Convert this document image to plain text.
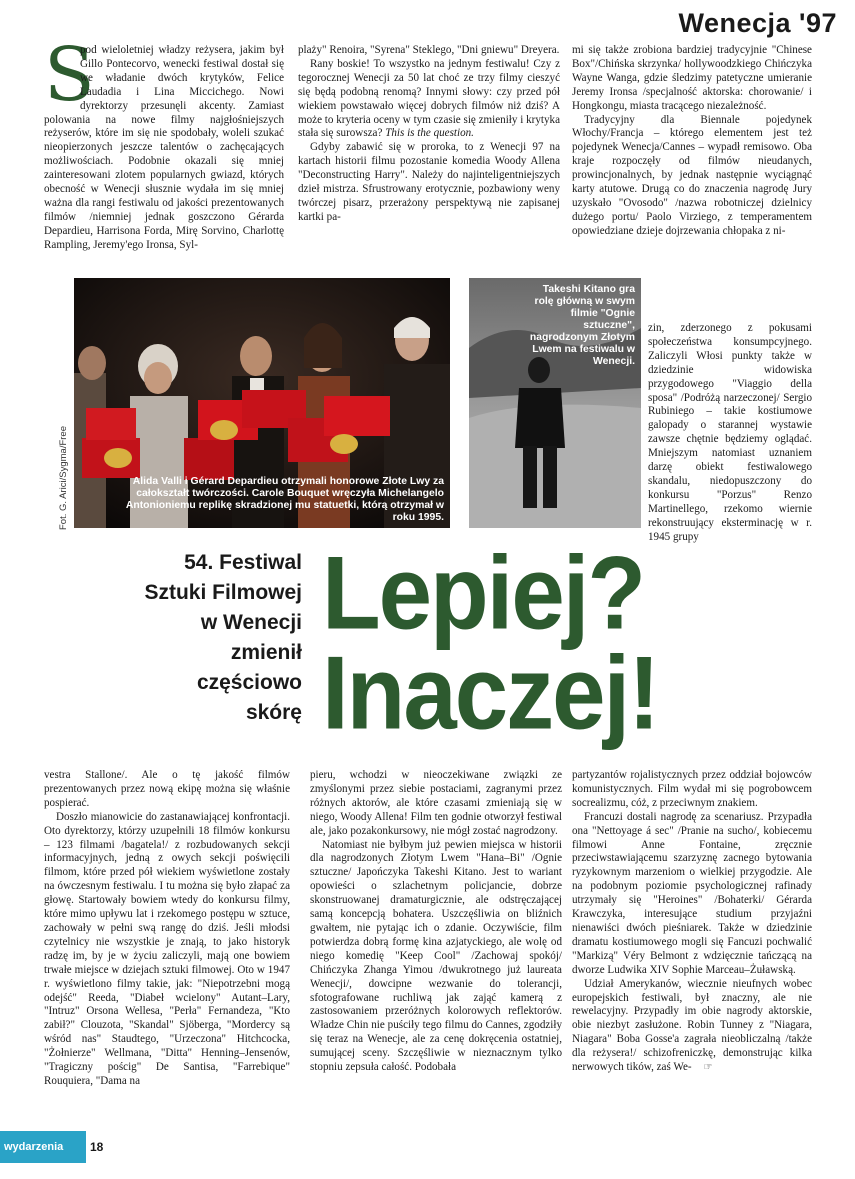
Wenecja '97
S

pod wieloletniej władzy reżysera, jakim był Gillo Pontecorvo, wenecki festiwal dostał się we władanie dwóch krytyków, Felice Laudadia i Lina Miccichego. Nowi dyrektorzy przesunęli akcenty. Zamiast polowania na nowe filmy najgłośniejszych reżyserów, które im się nie spodobały, woleli szukać nieopierzonych jeszcze talentów o zachęcających możliwościach. Podobnie okazali się mniej zainteresowani zlotem popularnych gwiazd, których obecność w Wenecji słusznie wydała im się mniej ważna dla rangi festiwalu od jakości prezentowanych filmów /niemniej jednak goszczono Gérarda Depardieu, Harrisona Forda, Mirę Sorvino, Charlottę Rampling, Jeremy'ego Ironsa, Syl-

plaży" Renoira, "Syrena" Steklego, "Dni gniewu" Dreyera.

Rany boskie! To wszystko na jednym festiwalu! Czy z tegorocznej Wenecji za 50 lat choć ze trzy filmy cieszyć się będą podobną renomą? Innymi słowy: czy przed pół wiekiem powstawało więcej dobrych filmów niż dziś? A może to kryteria oceny w tym czasie się zmieniły i krytyka stała się surowsza? This is the question.

Gdyby zabawić się w proroka, to z Wenecji 97 na kartach historii filmu pozostanie komedia Woody Allena "Deconstructing Harry". Należy do najinteligentniejszych dzieł mistrza. Sfrustrowany erotycznie, pozbawiony weny twórczej pisarz, przerażony perspektywą nie zapisanej kartki pa-

mi się także zrobiona bardziej tradycyjnie "Chinese Box"/Chińska skrzynka/ hollywoodzkiego Chińczyka Wayne Wanga, gdzie śledzimy patetyczne umieranie Jeremy Ironsa /specjalność aktorska: chorowanie/ i Hongkongu, miasta tracącego niezależność.

Tradycyjny dla Biennale pojedynek Włochy/Francja – którego elementem jest też pojedynek Wenecja/Cannes – wypadł remisowo. Oba kraje rozpoczęły od filmów nieudanych, prowincjonalnych, by jednak następnie wyciągnąć karty atutowe. Drugą co do znaczenia nagrodę Jury uzyskało "Ovosodo" /nazwa robotniczej dzielnicy dużego portu/ Paolo Virziego, z temperamentem opowiedziane dzieje dojrzewania chłopaka z ni-

Alida Valli i Gérard Depardieu otrzymali honorowe Złote Lwy za całokształt twórczości. Carole Bouquet wręczyła Michelangelo Antonioniemu replikę skradzionej mu statuetki, którą otrzymał w roku 1995.
Fot. G. Arici/Sygma/Free
Takeshi Kitano gra rolę główną w swym filmie "Ognie sztuczne", nagrodzonym Złotym Lwem na festiwalu w Wenecji.

zin, zderzonego z pokusami społeczeństwa konsumpcyjnego. Zaliczyli Włosi punkty także w dziedzinie widowiska przygodowego "Viaggio della sposa" /Podróżą narzeczonej/ Sergio Rubiniego – takie kostiumowe galopady o starannej wystawie zawsze chętnie będziemy oglądać. Mniejszym natomiast uznaniem darzę obiekt festiwalowego skandalu, niedopuszczony do konkursu "Porzus" Renzo Martinellego, rzekomo wiernie rekonstruujący eksterminację w r. 1945 grupy

54. Festiwal Sztuki Filmowej w Wenecji zmienił częściowo skórę
Lepiej?
Inaczej!

vestra Stallone/. Ale o tę jakość filmów prezentowanych przez nową ekipę można się właśnie pospierać.

Doszło mianowicie do zastanawiającej konfrontacji. Oto dyrektorzy, którzy uzupełnili 18 filmów konkursu – 123 filmami /bagatela!/ z rozbudowanych sekcji informacyjnych, jedną z owych sekcji poświęcili filmom, które przed pół wiekiem wyświetlone zostały na ówczesnym festiwalu. I tu można się było złapać za głowę. Startowały bowiem wtedy do konkursu filmy, które mimo upływu lat i rzekomego postępu w sztuce, zachowały w pełni swą rangę do dziś. Jeśli młodsi czytelnicy nie wszystkie je znają, to jako historyk radzę im, by je w życiu zaliczyli, mają one bowiem trwałe miejsce w dziejach sztuki filmowej. Oto w 1947 r. wyświetlono filmy takie, jak: "Niepotrzebni mogą odejść" Reeda, "Diabeł wcielony" Autant–Lary, "Intruz" Orsona Wellesa, "Perła" Fernandeza, "Kto zabił?" Clouzota, "Skandal" Sjöberga, "Mordercy są wśród nas" Staudtego, "Urzeczona" Hitchcocka, "Żołnierze" Wellmana, "Ditta" Henning–Jensenów, "Tragiczny pościg" De Santisa, "Farrebique" Rouquiera, "Dama na

pieru, wchodzi w nieoczekiwane związki ze zmyślonymi przez siebie postaciami, zagranymi przez różnych aktorów, ale które czasami zmieniają się w niego, Woody Allena! Film ten godnie otworzył festiwal ale, jako pozakonkursowy, nie mógł zostać nagrodzony.

Natomiast nie byłbym już pewien miejsca w historii dla nagrodzonych Złotym Lwem "Hana–Bi" /Ognie sztuczne/ Japończyka Takeshi Kitano. Jest to wariant opowieści o szlachetnym policjancie, dobrze skonstruowanej dramaturgicznie, ale odstręczającej samą koncepcją bohatera. Uszczęśliwia on bliźnich gwałtem, nie pytając ich o zdanie. Oczywiście, film potwierdza dobrą formę kina azjatyckiego, ale wolę od niego komedię "Keep Cool" /Zachowaj spokój/ Chińczyka Zhanga Yimou /dwukrotnego już laureata Wenecji/, dowcipne wezwanie do tolerancji, sfotografowane ruchliwą jak zająć kamerą z zastosowaniem przeróżnych kolorowych reflektorów. Władze Chin nie puściły tego filmu do Cannes, zgodziły się teraz na Wenecje, ale za cenę dokręcenia ostatniej, sumującej sceny. Szczęśliwie w nieznacznym tylko stopniu zepsuła całość. Podobała

partyzantów rojalistycznych przez oddział bojowców komunistycznych. Film wydał mi się pogrobowcem socrealizmu, cóż, z przeciwnym znakiem.

Francuzi dostali nagrodę za scenariusz. Przypadła ona "Nettoyage á sec" /Pranie na sucho/, kobiecemu filmowi Anne Fontaine, zręcznie przeciwstawiającemu szarzyznę zacnego bytowania ryzykownym marzeniom o wielkiej przygodzie. Ale na podobnym poziomie psychologicznej rafinady utrzymały się "Heroines" /Bohaterki/ Gérarda Krawczyka, interesujące studium przyjaźni nienawiści dwóch pieśniarek. Także w dziedzinie dramatu kostiumowego mogli się Fancuzi pochwalić "Markizą" Véry Belmont z wdzięcznie tańczącą na dworze Ludwika XIV Sophie Marceau–Żuławską.

Udział Amerykanów, wiecznie nieufnych wobec europejskich festiwali, był znaczny, ale nie rewelacyjny. Przypadły im obie nagrody aktorskie, obie niezbyt zasłużone. Robin Tunney z "Niagara, Niagara" Boba Gosse'a zagrała nieobliczalną /także dla reżysera!/ schizofreniczkę, demonstrując kilka nerwowych tików, zaś We- ☞

wydarzenia	18
